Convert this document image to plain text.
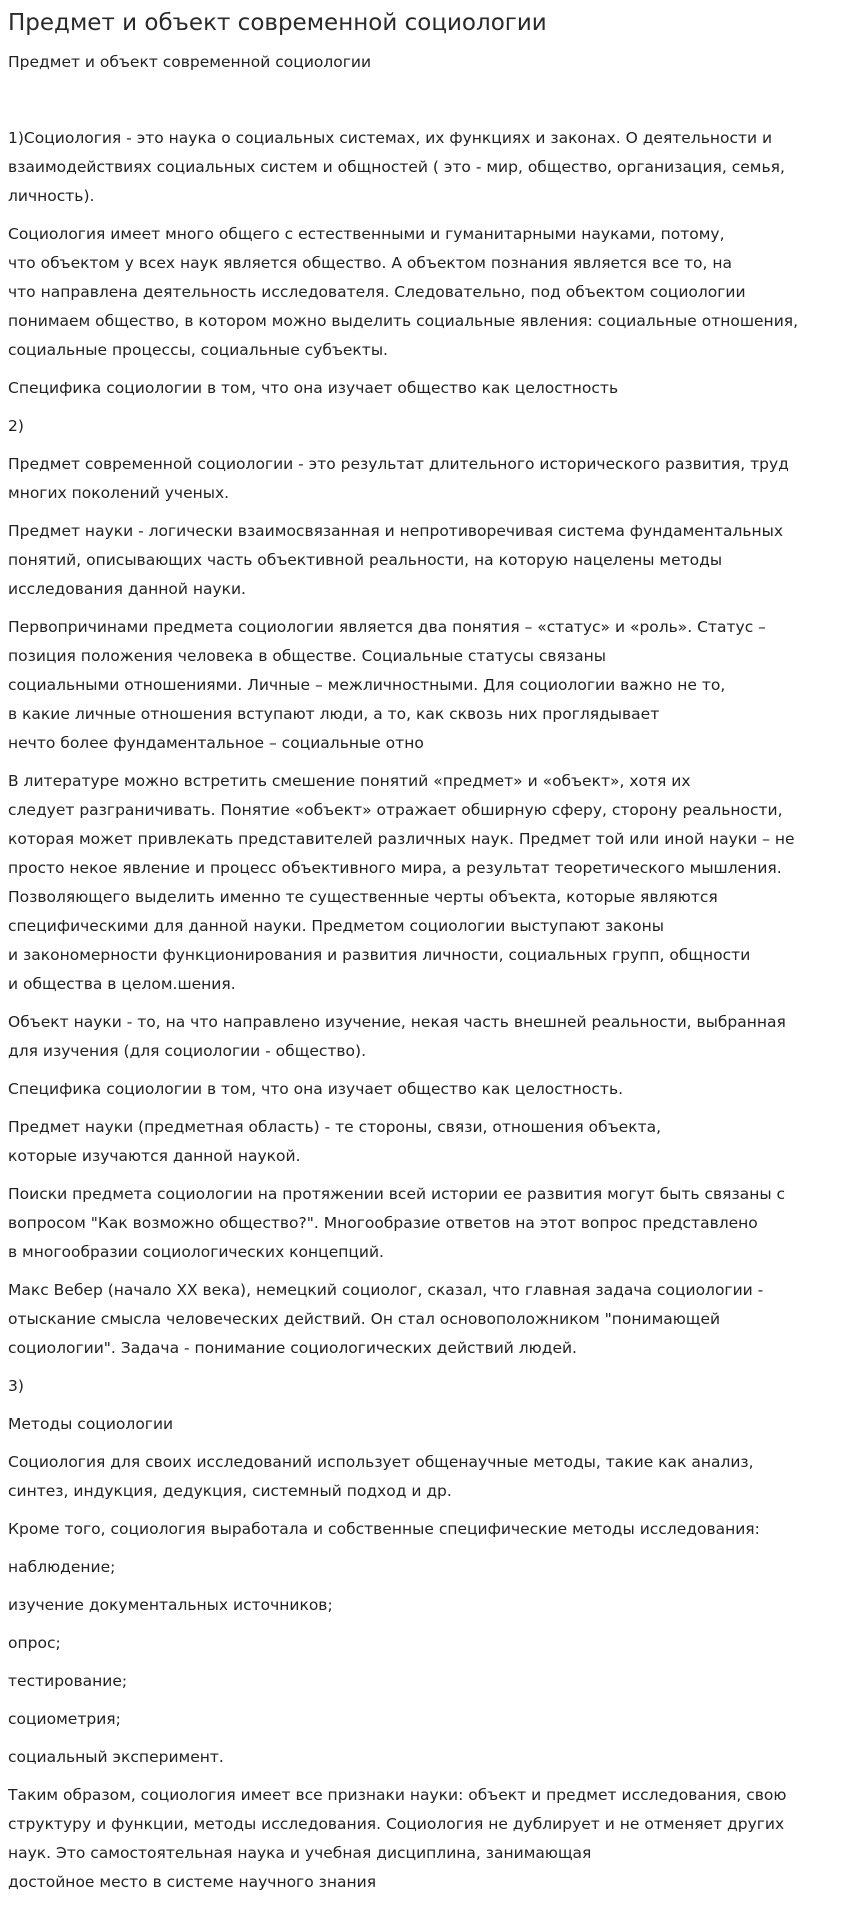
Предмет и объект современной социологии
Предмет и объект современной социологии

1)Социология - это наука о социальных системах, их функциях и законах. О деятельности и
взаимодействиях социальных систем и общностей ( это - мир, общество, организация, семья,
личность).

Социология имеет много общего с естественными и гуманитарными науками, потому,
что объектом у всех наук является общество. А объектом познания является все то, на
что направлена деятельность исследователя. Следовательно, под объектом социологии
понимаем общество, в котором можно выделить социальные явления: социальные отношения,
социальные процессы, социальные субъекты.

Специфика социологии в том, что она изучает общество как целостность

2)

Предмет современной социологии - это результат длительного исторического развития, труд
многих поколений ученых.

Предмет науки - логически взаимосвязанная и непротиворечивая система фундаментальных
понятий, описывающих часть объективной реальности, на которую нацелены методы
исследования данной науки.

Первопричинами предмета социологии является два понятия – «статус» и «роль». Статус –
позиция положения человека в обществе. Социальные статусы связаны
социальными отношениями. Личные – межличностными. Для социологии важно не то,
в какие личные отношения вступают люди, а то, как сквозь них проглядывает
нечто более фундаментальное – социальные отно

В литературе можно встретить смешение понятий «предмет» и «объект», хотя их
следует разграничивать. Понятие «объект» отражает обширную сферу, сторону реальности,
которая может привлекать представителей различных наук. Предмет той или иной науки – не
просто некое явление и процесс объективного мира, а результат теоретического мышления.
Позволяющего выделить именно те существенные черты объекта, которые являются
специфическими для данной науки. Предметом социологии выступают законы
и закономерности функционирования и развития личности, социальных групп, общности
и общества в целом.шения.

Объект науки - то, на что направлено изучение, некая часть внешней реальности, выбранная
для изучения (для социологии - общество).

Специфика социологии в том, что она изучает общество как целостность.

Предмет науки (предметная область) - те стороны, связи, отношения объекта,
которые изучаются данной наукой.

Поиски предмета социологии на протяжении всей истории ее развития могут быть связаны с
вопросом "Как возможно общество?". Многообразие ответов на этот вопрос представлено
в многообразии социологических концепций.

Макс Вебер (начало XX века), немецкий социолог, сказал, что главная задача социологии -
отыскание смысла человеческих действий. Он стал основоположником "понимающей
социологии". Задача - понимание социологических действий людей.

3)

Методы социологии

Социология для своих исследований использует общенаучные методы, такие как анализ,
синтез, индукция, дедукция, системный подход и др.

Кроме того, социология выработала и собственные специфические методы исследования:

наблюдение;

изучение документальных источников;

опрос;

тестирование;

социометрия;

социальный эксперимент.

Таким образом, социология имеет все признаки науки: объект и предмет исследования, свою
структуру и функции, методы исследования. Социология не дублирует и не отменяет других
наук. Это самостоятельная наука и учебная дисциплина, занимающая
достойное место в системе научного знания
